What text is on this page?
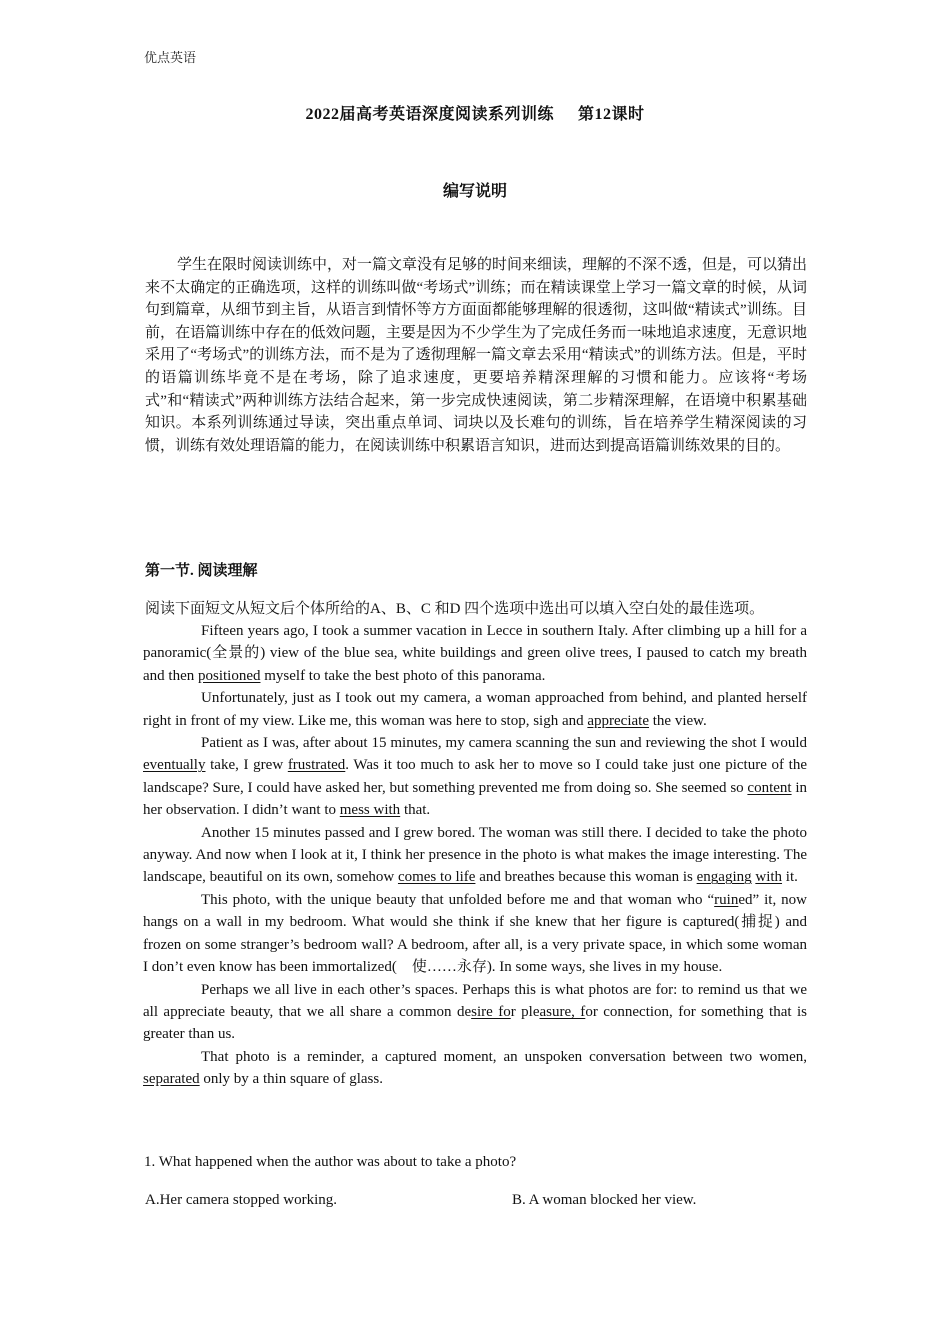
优点英语
2022届高考英语深度阅读系列训练 第12课时
编写说明

学生在限时阅读训练中，对一篇文章没有足够的时间来细读，理解的不深不透，但是，可以猜出来不太确定的正确选项，这样的训练叫做“考场式”训练；而在精读课堂上学习一篇文章的时候，从词句到篇章，从细节到主旨，从语言到情怀等方方面面都能够理解的很透彻，这叫做“精读式”训练。目前，在语篇训练中存在的低效问题，主要是因为不少学生为了完成任务而一味地追求速度，无意识地采用了“考场式”的训练方法，而不是为了透彻理解一篇文章去采用“精读式”的训练方法。但是，平时的语篇训练毕竟不是在考场，除了追求速度，更要培养精深理解的习惯和能力。应该将“考场式”和“精读式”两种训练方法结合起来，第一步完成快速阅读，第二步精深理解，在语境中积累基础知识。本系列训练通过导读，突出重点单词、词块以及长难句的训练，旨在培养学生精深阅读的习惯，训练有效处理语篇的能力，在阅读训练中积累语言知识，进而达到提高语篇训练效果的目的。

第一节. 阅读理解
阅读下面短文从短文后个体所给的A、B、C 和D 四个选项中选出可以填入空白处的最佳选项。

Fifteen years ago, I took a summer vacation in Lecce in southern Italy. After climbing up a hill for a panoramic(全景的) view of the blue sea, white buildings and green olive trees, I paused to catch my breath and then positioned myself to take the best photo of this panorama.

Unfortunately, just as I took out my camera, a woman approached from behind, and planted herself right in front of my view. Like me, this woman was here to stop, sigh and appreciate the view.

Patient as I was, after about 15 minutes, my camera scanning the sun and reviewing the shot I would eventually take, I grew frustrated. Was it too much to ask her to move so I could take just one picture of the landscape? Sure, I could have asked her, but something prevented me from doing so. She seemed so content in her observation. I didn’t want to mess with that.

Another 15 minutes passed and I grew bored. The woman was still there. I decided to take the photo anyway. And now when I look at it, I think her presence in the photo is what makes the image interesting. The landscape, beautiful on its own, somehow comes to life and breathes because this woman is engaging with it.

This photo, with the unique beauty that unfolded before me and that woman who “ruined” it, now hangs on a wall in my bedroom. What would she think if she knew that her figure is captured(捕捉) and frozen on some stranger’s bedroom wall? A bedroom, after all, is a very private space, in which some woman I don’t even know has been immortalized(　使……永存). In some ways, she lives in my house.

Perhaps we all live in each other’s spaces. Perhaps this is what photos are for: to remind us that we all appreciate beauty, that we all share a common desire for pleasure, for connection, for something that is greater than us.

That photo is a reminder, a captured moment, an unspoken conversation between two women, separated only by a thin square of glass.

1. What happened when the author was about to take a photo?
A.Her camera stopped working.	B. A woman blocked her view.
